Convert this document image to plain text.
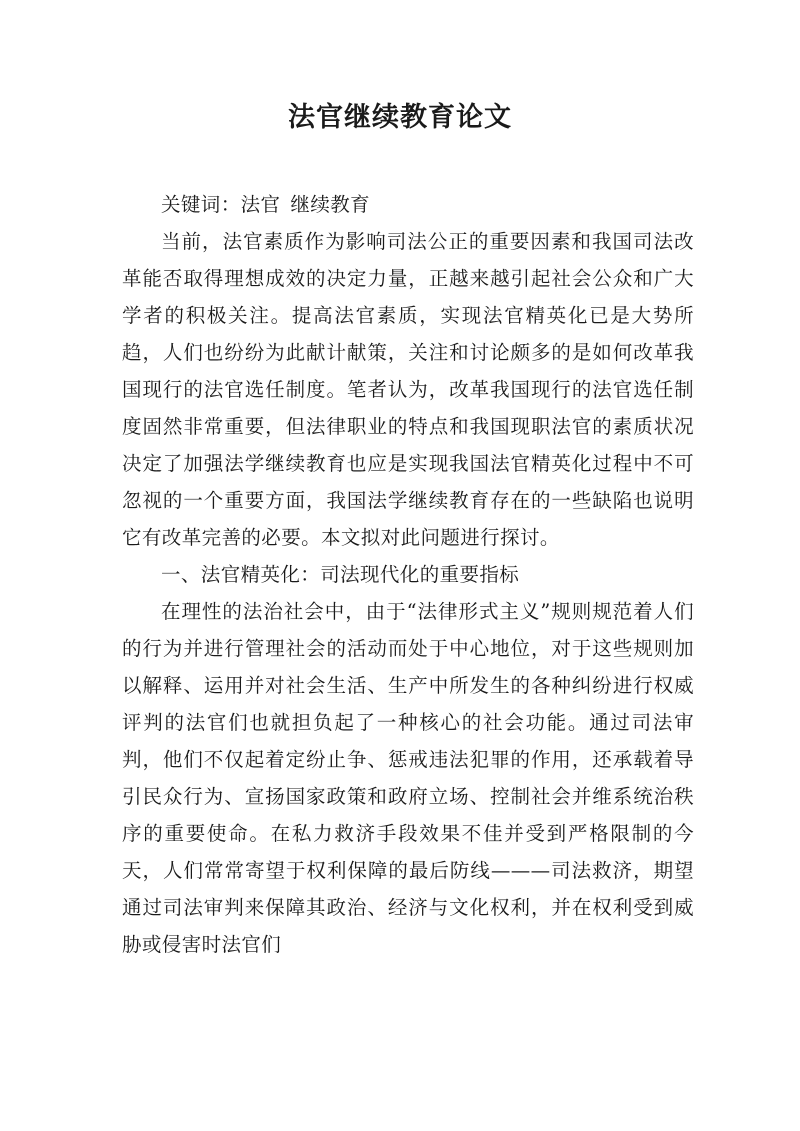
法官继续教育论文

关键词：法官 继续教育

当前，法官素质作为影响司法公正的重要因素和我国司法改革能否取得理想成效的决定力量，正越来越引起社会公众和广大学者的积极关注。提高法官素质，实现法官精英化已是大势所趋，人们也纷纷为此献计献策，关注和讨论颇多的是如何改革我国现行的法官选任制度。笔者认为，改革我国现行的法官选任制度固然非常重要，但法律职业的特点和我国现职法官的素质状况决定了加强法学继续教育也应是实现我国法官精英化过程中不可忽视的一个重要方面，我国法学继续教育存在的一些缺陷也说明它有改革完善的必要。本文拟对此问题进行探讨。

一、法官精英化：司法现代化的重要指标

在理性的法治社会中，由于“法律形式主义”规则规范着人们的行为并进行管理社会的活动而处于中心地位，对于这些规则加以解释、运用并对社会生活、生产中所发生的各种纠纷进行权威评判的法官们也就担负起了一种核心的社会功能。通过司法审判，他们不仅起着定纷止争、惩戒违法犯罪的作用，还承载着导引民众行为、宣扬国家政策和政府立场、控制社会并维系统治秩序的重要使命。在私力救济手段效果不佳并受到严格限制的今天，人们常常寄望于权利保障的最后防线———司法救济，期望通过司法审判来保障其政治、经济与文化权利，并在权利受到威胁或侵害时法官们
